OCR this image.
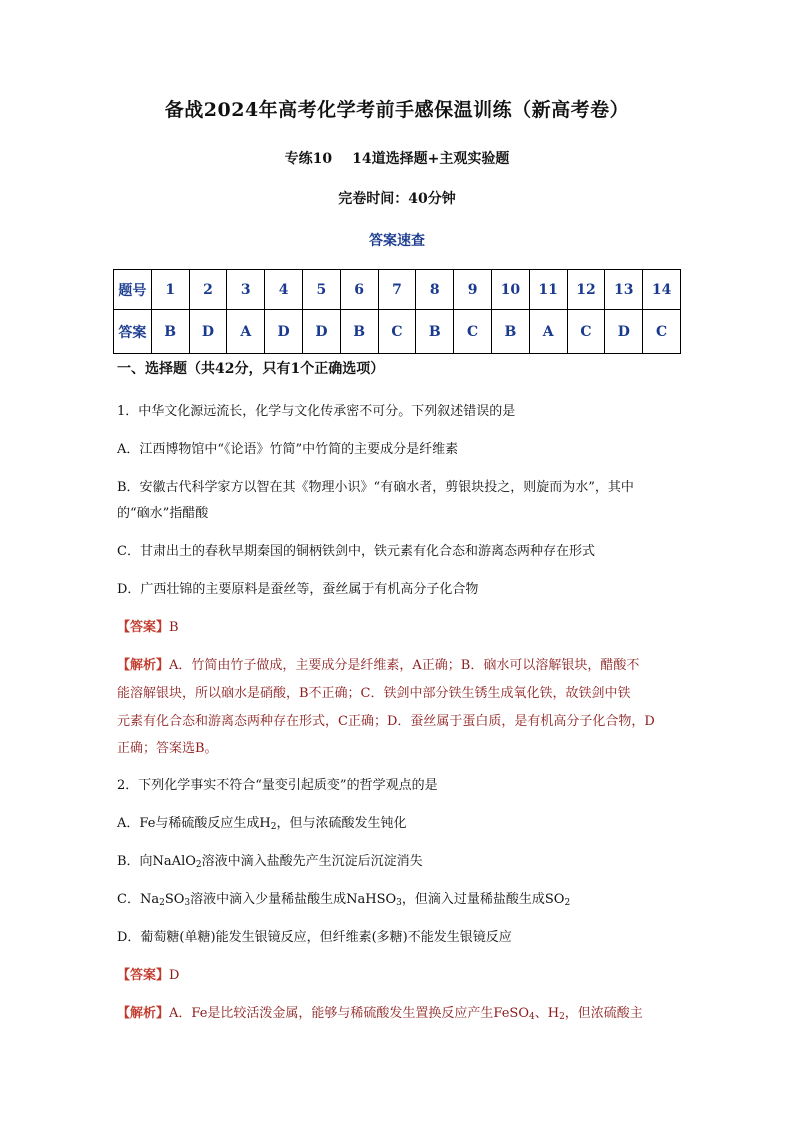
备战2024年高考化学考前手感保温训练（新高考卷）
专练10 14道选择题+主观实验题
完卷时间：40分钟
答案速查
题号	1	2	3	4	5	6	7	8	9	10	11	12	13	14
答案	B	D	A	D	D	B	C	B	C	B	A	C	D	C
一、选择题（共42分，只有1个正确选项）
1．中华文化源远流长，化学与文化传承密不可分。下列叙述错误的是
A．江西博物馆中“《论语》竹简”中竹简的主要成分是纤维素
B．安徽古代科学家方以智在其《物理小识》“有硇水者，剪银块投之，则旋而为水”，其中
的“硇水”指醋酸
C．甘肃出土的春秋早期秦国的铜柄铁剑中，铁元素有化合态和游离态两种存在形式
D．广西壮锦的主要原料是蚕丝等，蚕丝属于有机高分子化合物
【答案】B
【解析】A．竹简由竹子做成，主要成分是纤维素，A正确；B．硇水可以溶解银块，醋酸不
能溶解银块，所以硇水是硝酸，B不正确；C．铁剑中部分铁生锈生成氧化铁，故铁剑中铁
元素有化合态和游离态两种存在形式，C正确；D．蚕丝属于蛋白质，是有机高分子化合物，D
正确；答案选B。
2．下列化学事实不符合“量变引起质变”的哲学观点的是
A．Fe与稀硫酸反应生成$H_2$，但与浓硫酸发生钝化
B．向NaAlO$_2$溶液中滴入盐酸先产生沉淀后沉淀消失
C．$Na_2SO_3$溶液中滴入少量稀盐酸生成NaHSO$_3$，但滴入过量稀盐酸生成$SO_2$
D．葡萄糖(单糖)能发生银镜反应，但纤维素(多糖)不能发生银镜反应
【答案】D
【解析】A．Fe是比较活泼金属，能够与稀硫酸发生置换反应产生FeSO$_4$、$H_2$，但浓硫酸主
